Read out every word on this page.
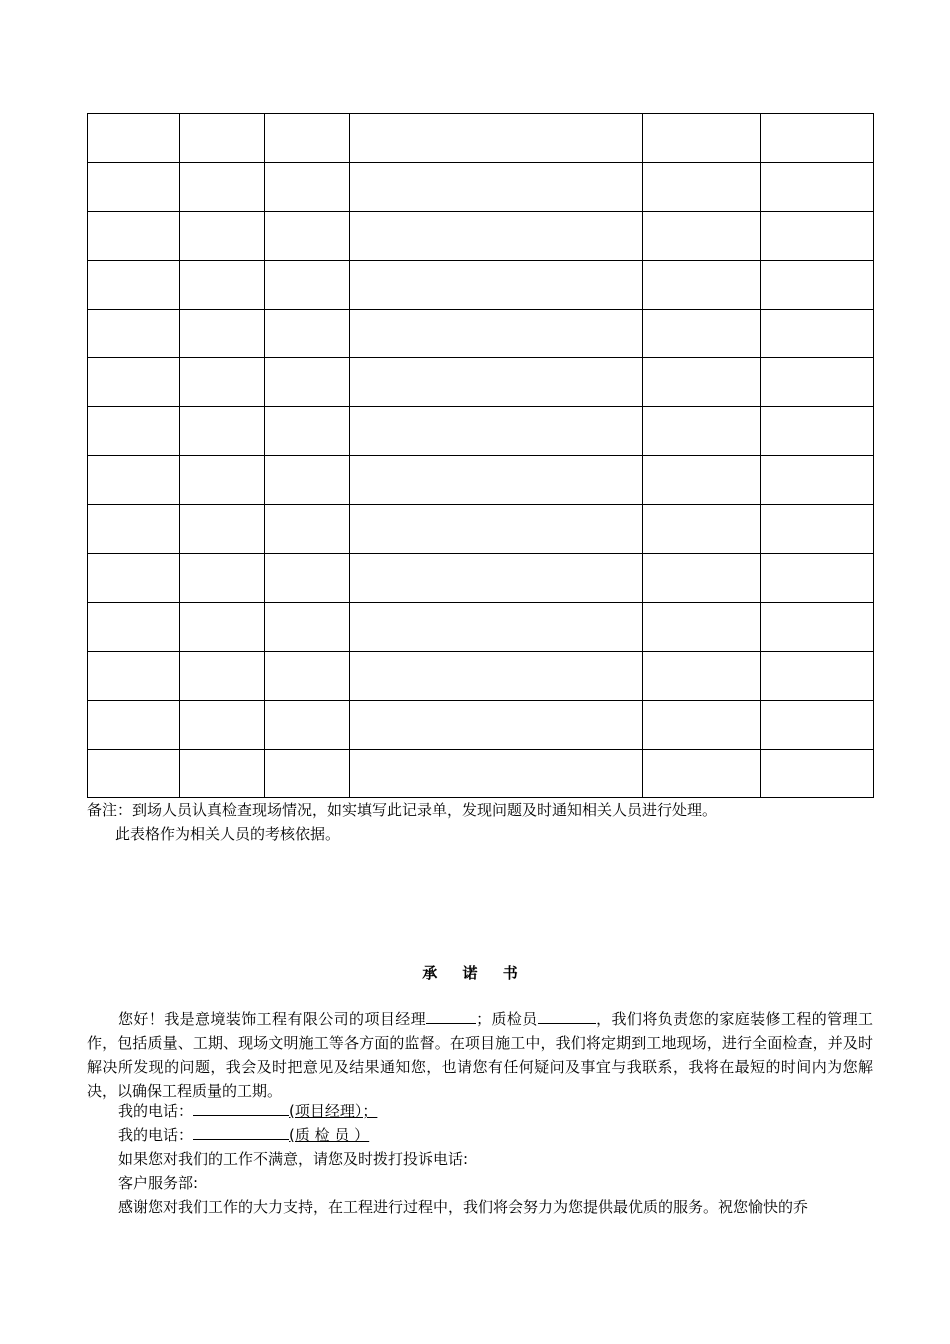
备注：到场人员认真检查现场情况，如实填写此记录单，发现问题及时通知相关人员进行处理。
此表格作为相关人员的考核依据。
承 诺 书
您好！我是意境装饰工程有限公司的项目经理	；质检员	，我们将负责您的家庭装修工程的管理工作，包括质量、工期、现场文明施工等各方面的监督。在项目施工中，我们将定期到工地现场，进行全面检查，并及时解决所发现的问题，我会及时把意见及结果通知您，也请您有任何疑问及事宜与我联系，我将在最短的时间内为您解决，以确保工程质量的工期。
我的电话：	(项目经理）；
我的电话：	(质 检 员 ）
如果您对我们的工作不满意，请您及时拨打投诉电话:
客户服务部:
感谢您对我们工作的大力支持，在工程进行过程中，我们将会努力为您提供最优质的服务。祝您愉快的乔
